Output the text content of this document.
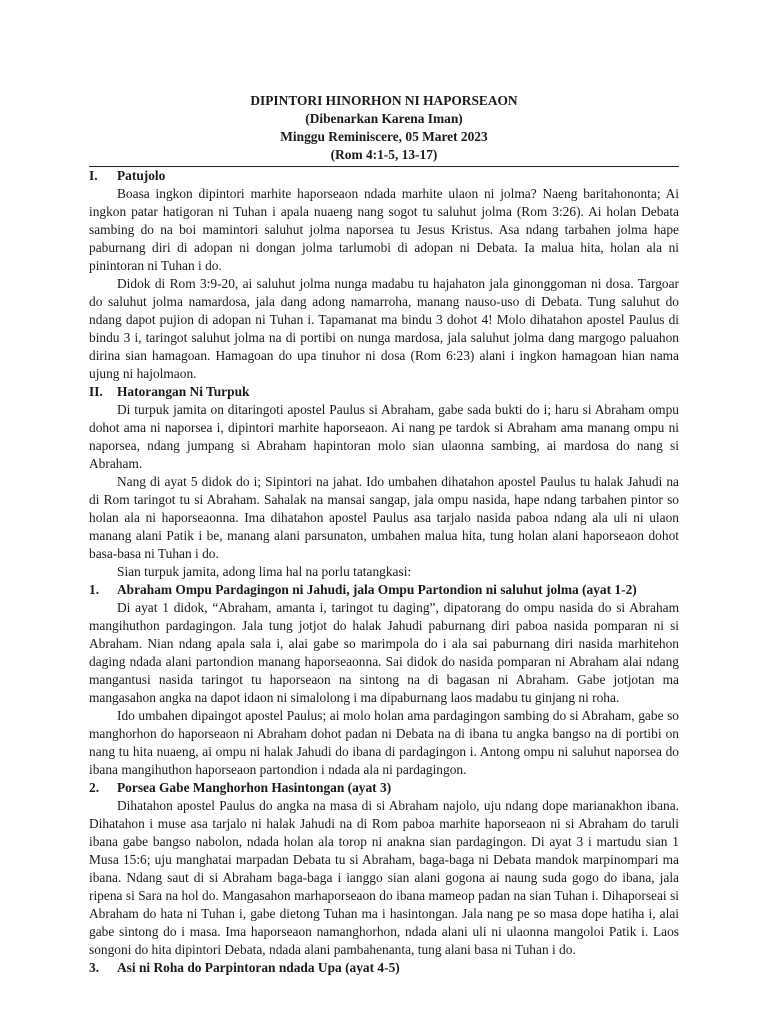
DIPINTORI HINORHON NI HAPORSEAON
(Dibenarkan Karena Iman)
Minggu Reminiscere, 05 Maret 2023
(Rom 4:1-5, 13-17)
I. Patujolo

Boasa ingkon dipintori marhite haporseaon ndada marhite ulaon ni jolma? Naeng baritahononta; Ai ingkon patar hatigoran ni Tuhan i apala nuaeng nang sogot tu saluhut jolma (Rom 3:26). Ai holan Debata sambing do na boi mamintori saluhut jolma naporsea tu Jesus Kristus. Asa ndang tarbahen jolma hape paburnang diri di adopan ni dongan jolma tarlumobi di adopan ni Debata. Ia malua hita, holan ala ni pinintoran ni Tuhan i do.

Didok di Rom 3:9-20, ai saluhut jolma nunga madabu tu hajahaton jala ginonggoman ni dosa. Targoar do saluhut jolma namardosa, jala dang adong namarroha, manang nauso-uso di Debata. Tung saluhut do ndang dapot pujion di adopan ni Tuhan i. Tapamanat ma bindu 3 dohot 4! Molo dihatahon apostel Paulus di bindu 3 i, taringot saluhut jolma na di portibi on nunga mardosa, jala saluhut jolma dang margogo paluahon dirina sian hamagoan. Hamagoan do upa tinuhor ni dosa (Rom 6:23) alani i ingkon hamagoan hian nama ujung ni hajolmaon.

II. Hatorangan Ni Turpuk

Di turpuk jamita on ditaringoti apostel Paulus si Abraham, gabe sada bukti do i; haru si Abraham ompu dohot ama ni naporsea i, dipintori marhite haporseaon. Ai nang pe tardok si Abraham ama manang ompu ni naporsea, ndang jumpang si Abraham hapintoran molo sian ulaonna sambing, ai mardosa do nang si Abraham.

Nang di ayat 5 didok do i; Sipintori na jahat. Ido umbahen dihatahon apostel Paulus tu halak Jahudi na di Rom taringot tu si Abraham. Sahalak na mansai sangap, jala ompu nasida, hape ndang tarbahen pintor so holan ala ni haporseaonna. Ima dihatahon apostel Paulus asa tarjalo nasida paboa ndang ala uli ni ulaon manang alani Patik i be, manang alani parsunaton, umbahen malua hita, tung holan alani haporseaon dohot basa-basa ni Tuhan i do.

Sian turpuk jamita, adong lima hal na porlu tatangkasi:

1. Abraham Ompu Pardagingon ni Jahudi, jala Ompu Partondion ni saluhut jolma (ayat 1-2)

Di ayat 1 didok, “Abraham, amanta i, taringot tu daging”, dipatorang do ompu nasida do si Abraham mangihuthon pardagingon. Jala tung jotjot do halak Jahudi paburnang diri paboa nasida pomparan ni si Abraham. Nian ndang apala sala i, alai gabe so marimpola do i ala sai paburnang diri nasida marhitehon daging ndada alani partondion manang haporseaonna. Sai didok do nasida pomparan ni Abraham alai ndang mangantusi nasida taringot tu haporseaon na sintong na di bagasan ni Abraham. Gabe jotjotan ma mangasahon angka na dapot idaon ni simalolong i ma dipaburnang laos madabu tu ginjang ni roha.

Ido umbahen dipaingot apostel Paulus; ai molo holan ama pardagingon sambing do si Abraham, gabe so manghorhon do haporseaon ni Abraham dohot padan ni Debata na di ibana tu angka bangso na di portibi on nang tu hita nuaeng, ai ompu ni halak Jahudi do ibana di pardagingon i. Antong ompu ni saluhut naporsea do ibana mangihuthon haporseaon partondion i ndada ala ni pardagingon.

2. Porsea Gabe Manghorhon Hasintongan (ayat 3)

Dihatahon apostel Paulus do angka na masa di si Abraham najolo, uju ndang dope marianakhon ibana. Dihatahon i muse asa tarjalo ni halak Jahudi na di Rom paboa marhite haporseaon ni si Abraham do taruli ibana gabe bangso nabolon, ndada holan ala torop ni anakna sian pardagingon. Di ayat 3 i martudu sian 1 Musa 15:6; uju manghatai marpadan Debata tu si Abraham, baga-baga ni Debata mandok marpinompari ma ibana. Ndang saut di si Abraham baga-baga i ianggo sian alani gogona ai naung suda gogo do ibana, jala ripena si Sara na hol do. Mangasahon marhaporseaon do ibana mameop padan na sian Tuhan i. Dihaporseai si Abraham do hata ni Tuhan i, gabe dietong Tuhan ma i hasintongan. Jala nang pe so masa dope hatiha i, alai gabe sintong do i masa. Ima haporseaon namanghorhon, ndada alani uli ni ulaonna mangoloi Patik i. Laos songoni do hita dipintori Debata, ndada alani pambahenanta, tung alani basa ni Tuhan i do.

3. Asi ni Roha do Parpintoran ndada Upa (ayat 4-5)
